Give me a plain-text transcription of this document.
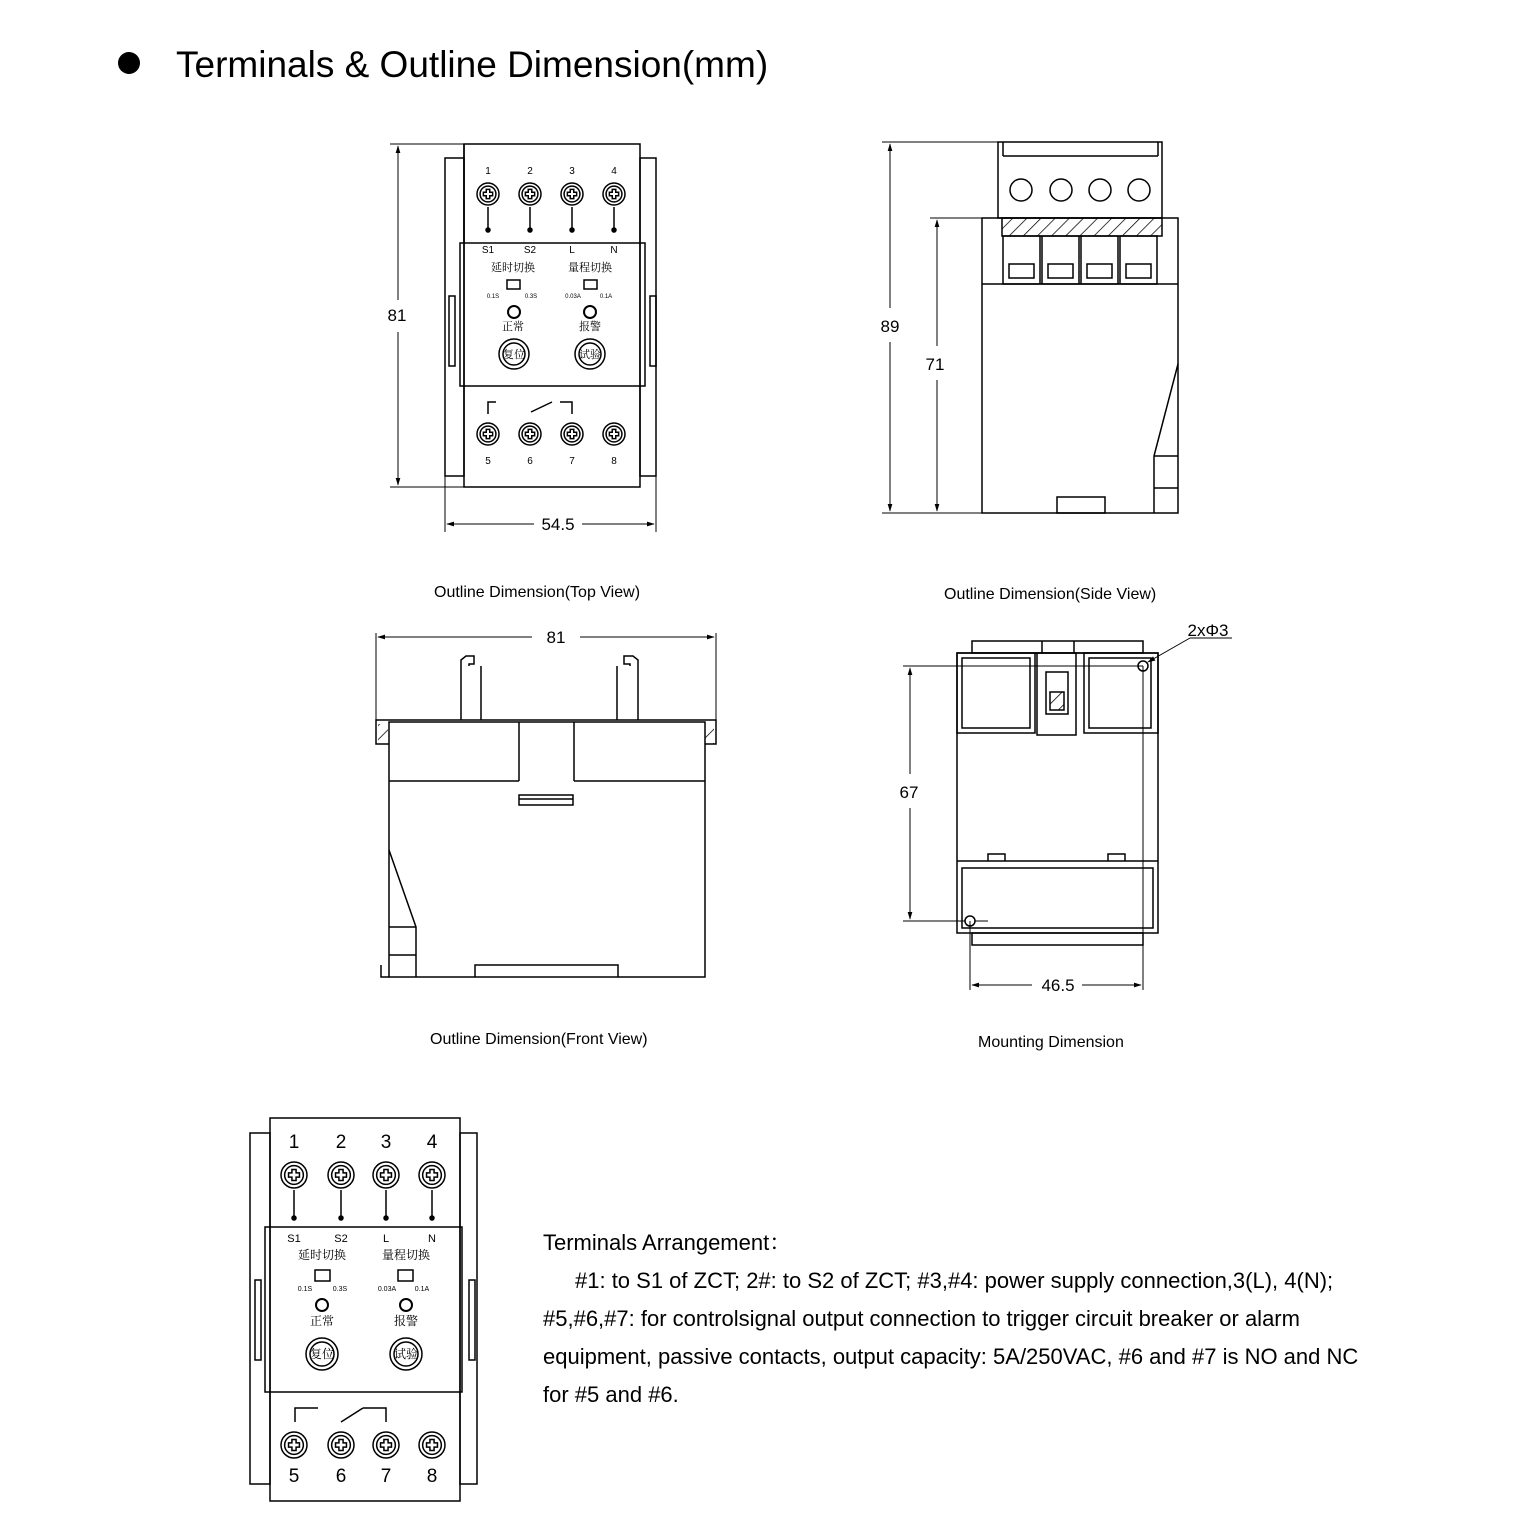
Terminals & Outline Dimension(mm)
1
S1
2
S2
3
L
4
N
5	6	7	8
延时切换	量程切换
0.1S	0.3S	0.03A	0.1A
正常	报警
复位	试验
81
54.5
89
71
81	2xΦ3
67
46.5
1
S1
2
S2
3
L
4
N
5 6 7 8
延时切换	量程切换
0.1S	0.3S	0.03A	0.1A
正常	报警
复位	试验
Outline Dimension(Top View)	Outline Dimension(Side View)
Outline Dimension(Front View)	Mounting Dimension
Terminals Arrangement：
#1: to S1 of ZCT; 2#: to S2 of ZCT; #3,#4: power supply connection,3(L), 4(N); #5,#6,#7: for controlsignal output connection to trigger circuit breaker or alarm equipment, passive contacts, output capacity: 5A/250VAC, #6 and #7 is NO and NC for #5 and #6.
